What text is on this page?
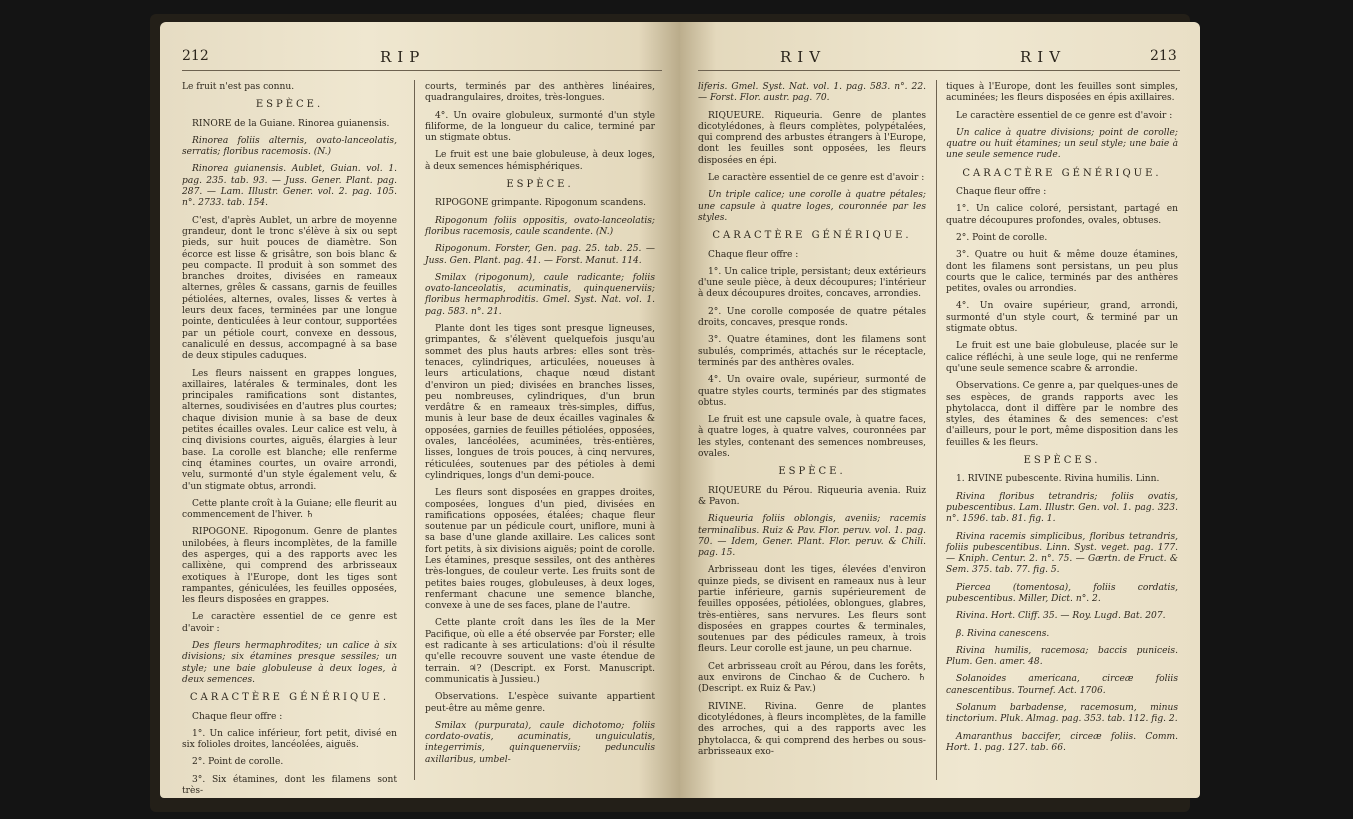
212	RIP

Le fruit n'est pas connu.

ESPÈCE.

RINORE de la Guiane. Rinorea guianensis.

Rinorea foliis alternis, ovato-lanceolatis, serratis; floribus racemosis. (N.)

Rinorea guianensis. Aublet, Guian. vol. 1. pag. 235. tab. 93. — Juss. Gener. Plant. pag. 287. — Lam. Illustr. Gener. vol. 2. pag. 105. n°. 2733. tab. 154.

C'est, d'après Aublet, un arbre de moyenne grandeur, dont le tronc s'élève à six ou sept pieds, sur huit pouces de diamètre. Son écorce est lisse & grisâtre, son bois blanc & peu compacte. Il produit à son sommet des branches droites, divisées en rameaux alternes, grêles & cassans, garnis de feuilles pétiolées, alternes, ovales, lisses & vertes à leurs deux faces, terminées par une longue pointe, denticulées à leur contour, supportées par un pétiole court, convexe en dessous, canaliculé en dessus, accompagné à sa base de deux stipules caduques.

Les fleurs naissent en grappes longues, axillaires, latérales & terminales, dont les principales ramifications sont distantes, alternes, soudivisées en d'autres plus courtes; chaque division munie à sa base de deux petites écailles ovales. Leur calice est velu, à cinq divisions courtes, aiguës, élargies à leur base. La corolle est blanche; elle renferme cinq étamines courtes, un ovaire arrondi, velu, surmonté d'un style également velu, & d'un stigmate obtus, arrondi.

Cette plante croît à la Guiane; elle fleurit au commencement de l'hiver. ♄

RIPOGONE. Ripogonum. Genre de plantes unilobées, à fleurs incomplètes, de la famille des asperges, qui a des rapports avec les callixène, qui comprend des arbrisseaux exotiques à l'Europe, dont les tiges sont rampantes, géniculées, les feuilles opposées, les fleurs disposées en grappes.

Le caractère essentiel de ce genre est d'avoir :

Des fleurs hermaphrodites; un calice à six divisions; six étamines presque sessiles; un style; une baie globuleuse à deux loges, à deux semences.

CARACTÈRE GÉNÉRIQUE.

Chaque fleur offre :

1°. Un calice inférieur, fort petit, divisé en six folioles droites, lancéolées, aiguës.

2°. Point de corolle.

3°. Six étamines, dont les filamens sont très-

courts, terminés par des anthères linéaires, quadrangulaires, droites, très-longues.

4°. Un ovaire globuleux, surmonté d'un style filiforme, de la longueur du calice, terminé par un stigmate obtus.

Le fruit est une baie globuleuse, à deux loges, à deux semences hémisphériques.

ESPÈCE.

RIPOGONE grimpante. Ripogonum scandens.

Ripogonum foliis oppositis, ovato-lanceolatis; floribus racemosis, caule scandente. (N.)

Ripogonum. Forster, Gen. pag. 25. tab. 25. — Juss. Gen. Plant. pag. 41. — Forst. Manut. 114.

Smilax (ripogonum), caule radicante; foliis ovato-lanceolatis, acuminatis, quinquenerviis; floribus hermaphroditis. Gmel. Syst. Nat. vol. 1. pag. 583. n°. 21.

Plante dont les tiges sont presque ligneuses, grimpantes, & s'élèvent quelquefois jusqu'au sommet des plus hauts arbres: elles sont très-tenaces, cylindriques, articulées, noueuses à leurs articulations, chaque nœud distant d'environ un pied; divisées en branches lisses, peu nombreuses, cylindriques, d'un brun verdâtre & en rameaux très-simples, diffus, munis à leur base de deux écailles vaginales & opposées, garnies de feuilles pétiolées, opposées, ovales, lancéolées, acuminées, très-entières, lisses, longues de trois pouces, à cinq nervures, réticulées, soutenues par des pétioles à demi cylindriques, longs d'un demi-pouce.

Les fleurs sont disposées en grappes droites, composées, longues d'un pied, divisées en ramifications opposées, étalées; chaque fleur soutenue par un pédicule court, uniflore, muni à sa base d'une glande axillaire. Les calices sont fort petits, à six divisions aiguës; point de corolle. Les étamines, presque sessiles, ont des anthères très-longues, de couleur verte. Les fruits sont de petites baies rouges, globuleuses, à deux loges, renfermant chacune une semence blanche, convexe à une de ses faces, plane de l'autre.

Cette plante croît dans les îles de la Mer Pacifique, où elle a été observée par Forster; elle est radicante à ses articulations: d'où il résulte qu'elle recouvre souvent une vaste étendue de terrain. ♃? (Descript. ex Forst. Manuscript. communicatis à Jussieu.)

Observations. L'espèce suivante appartient peut-être au même genre.

Smilax (purpurata), caule dichotomo; foliis cordato-ovatis, acuminatis, unguiculatis, integerrimis, quinquenerviis; pedunculis axillaribus, umbel-

RIV	RIV	213

liferis. Gmel. Syst. Nat. vol. 1. pag. 583. n°. 22. — Forst. Flor. austr. pag. 70.

RIQUEURE. Riqueuria. Genre de plantes dicotylédones, à fleurs complètes, polypétalées, qui comprend des arbustes étrangers à l'Europe, dont les feuilles sont opposées, les fleurs disposées en épi.

Le caractère essentiel de ce genre est d'avoir :

Un triple calice; une corolle à quatre pétales; une capsule à quatre loges, couronnée par les styles.

CARACTÈRE GÉNÉRIQUE.

Chaque fleur offre :

1°. Un calice triple, persistant; deux extérieurs d'une seule pièce, à deux découpures; l'intérieur à deux découpures droites, concaves, arrondies.

2°. Une corolle composée de quatre pétales droits, concaves, presque ronds.

3°. Quatre étamines, dont les filamens sont subulés, comprimés, attachés sur le réceptacle, terminés par des anthères ovales.

4°. Un ovaire ovale, supérieur, surmonté de quatre styles courts, terminés par des stigmates obtus.

Le fruit est une capsule ovale, à quatre faces, à quatre loges, à quatre valves, couronnées par les styles, contenant des semences nombreuses, ovales.

ESPÈCE.

RIQUEURE du Pérou. Riqueuria avenia. Ruiz & Pavon.

Riqueuria foliis oblongis, aveniis; racemis terminalibus. Ruiz & Pav. Flor. peruv. vol. 1. pag. 70. — Idem, Gener. Plant. Flor. peruv. & Chili. pag. 15.

Arbrisseau dont les tiges, élevées d'environ quinze pieds, se divisent en rameaux nus à leur partie inférieure, garnis supérieurement de feuilles opposées, pétiolées, oblongues, glabres, très-entières, sans nervures. Les fleurs sont disposées en grappes courtes & terminales, soutenues par des pédicules rameux, à trois fleurs. Leur corolle est jaune, un peu charnue.

Cet arbrisseau croît au Pérou, dans les forêts, aux environs de Cinchao & de Cuchero. ♄ (Descript. ex Ruiz & Pav.)

RIVINE. Rivina. Genre de plantes dicotylédones, à fleurs incomplètes, de la famille des arroches, qui a des rapports avec les phytolacca, & qui comprend des herbes ou sous-arbrisseaux exo-

tiques à l'Europe, dont les feuilles sont simples, acuminées; les fleurs disposées en épis axillaires.

Le caractère essentiel de ce genre est d'avoir :

Un calice à quatre divisions; point de corolle; quatre ou huit étamines; un seul style; une baie à une seule semence rude.

CARACTÈRE GÉNÉRIQUE.

Chaque fleur offre :

1°. Un calice coloré, persistant, partagé en quatre découpures profondes, ovales, obtuses.

2°. Point de corolle.

3°. Quatre ou huit & même douze étamines, dont les filamens sont persistans, un peu plus courts que le calice, terminés par des anthères petites, ovales ou arrondies.

4°. Un ovaire supérieur, grand, arrondi, surmonté d'un style court, & terminé par un stigmate obtus.

Le fruit est une baie globuleuse, placée sur le calice réfléchi, à une seule loge, qui ne renferme qu'une seule semence scabre & arrondie.

Observations. Ce genre a, par quelques-unes de ses espèces, de grands rapports avec les phytolacca, dont il diffère par le nombre des styles, des étamines & des semences: c'est d'ailleurs, pour le port, même disposition dans les feuilles & les fleurs.

ESPÈCES.

1. RIVINE pubescente. Rivina humilis. Linn.

Rivina floribus tetrandris; foliis ovatis, pubescentibus. Lam. Illustr. Gen. vol. 1. pag. 323. n°. 1596. tab. 81. fig. 1.

Rivina racemis simplicibus, floribus tetrandris, foliis pubescentibus. Linn. Syst. veget. pag. 177. — Kniph. Centur. 2. n°. 75. — Gærtn. de Fruct. & Sem. 375. tab. 77. fig. 5.

Piercea (tomentosa), foliis cordatis, pubescentibus. Miller, Dict. n°. 2.

Rivina. Hort. Cliff. 35. — Roy. Lugd. Bat. 207.

β. Rivina canescens.

Rivina humilis, racemosa; baccis puniceis. Plum. Gen. amer. 48.

Solanoides americana, circeæ foliis canescentibus. Tournef. Act. 1706.

Solanum barbadense, racemosum, minus tinctorium. Pluk. Almag. pag. 353. tab. 112. fig. 2.

Amaranthus baccifer, circeæ foliis. Comm. Hort. 1. pag. 127. tab. 66.
